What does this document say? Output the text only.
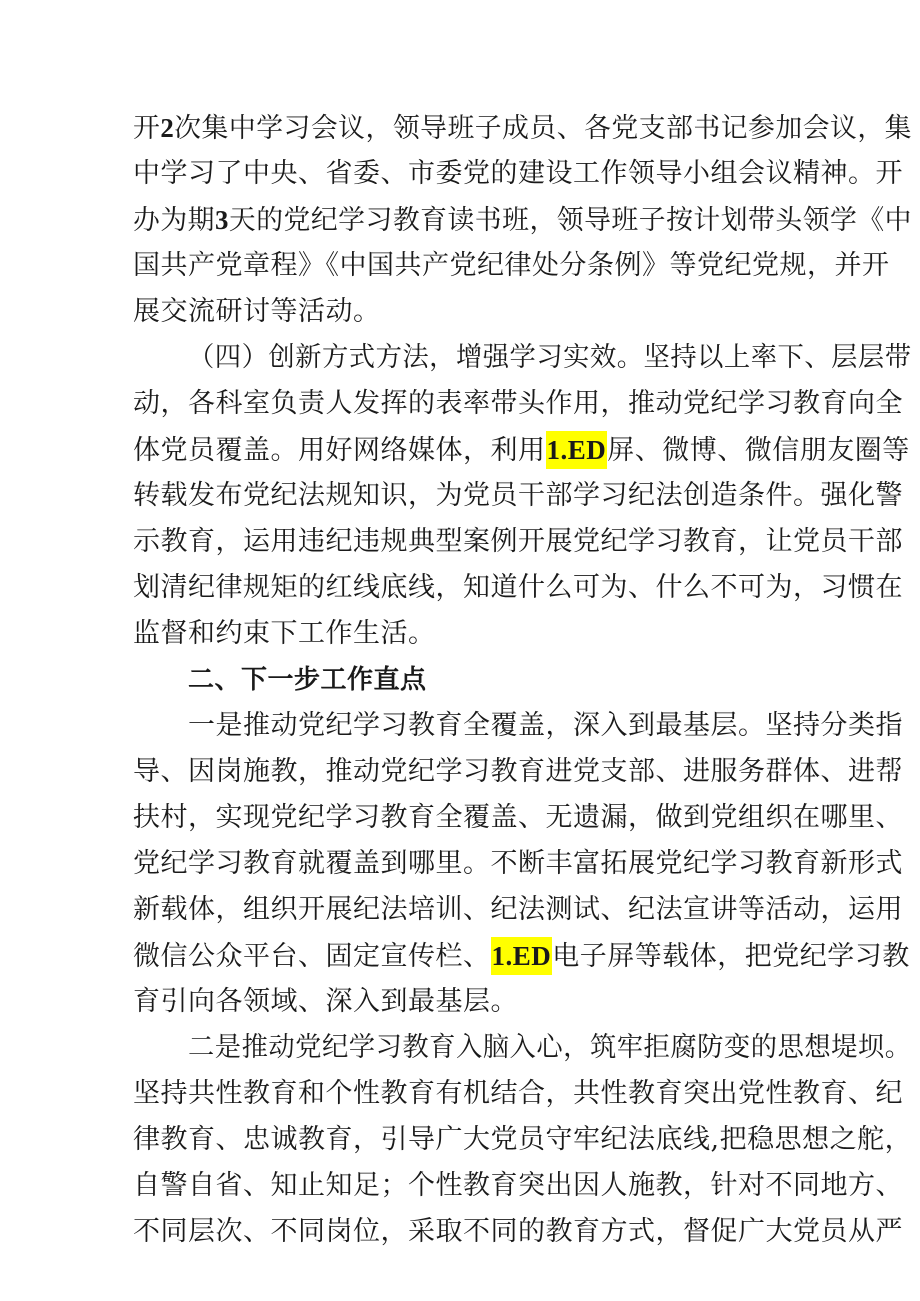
开2次集中学习会议，领导班子成员、各党支部书记参加会议，集
中学习了中央、省委、市委党的建设工作领导小组会议精神。开
办为期3天的党纪学习教育读书班，领导班子按计划带头领学《中
国共产党章程》《中国共产党纪律处分条例》等党纪党规，并开
展交流研讨等活动。
（四）创新方式方法，增强学习实效。坚持以上率下、层层带
动，各科室负责人发挥的表率带头作用，推动党纪学习教育向全
体党员覆盖。用好网络媒体，利用1.ED屏、微博、微信朋友圈等
转载发布党纪法规知识，为党员干部学习纪法创造条件。强化警
示教育，运用违纪违规典型案例开展党纪学习教育，让党员干部
划清纪律规矩的红线底线，知道什么可为、什么不可为，习惯在
监督和约束下工作生活。
二、下一步工作直点
一是推动党纪学习教育全覆盖，深入到最基层。坚持分类指
导、因岗施教，推动党纪学习教育进党支部、进服务群体、进帮
扶村，实现党纪学习教育全覆盖、无遗漏，做到党组织在哪里、
党纪学习教育就覆盖到哪里。不断丰富拓展党纪学习教育新形式
新载体，组织开展纪法培训、纪法测试、纪法宣讲等活动，运用
微信公众平台、固定宣传栏、1.ED电子屏等载体，把党纪学习教
育引向各领域、深入到最基层。
二是推动党纪学习教育入脑入心，筑牢拒腐防变的思想堤坝。
坚持共性教育和个性教育有机结合，共性教育突出党性教育、纪
律教育、忠诚教育，引导广大党员守牢纪法底线,把稳思想之舵，
自警自省、知止知足；个性教育突出因人施教，针对不同地方、
不同层次、不同岗位，采取不同的教育方式，督促广大党员从严
